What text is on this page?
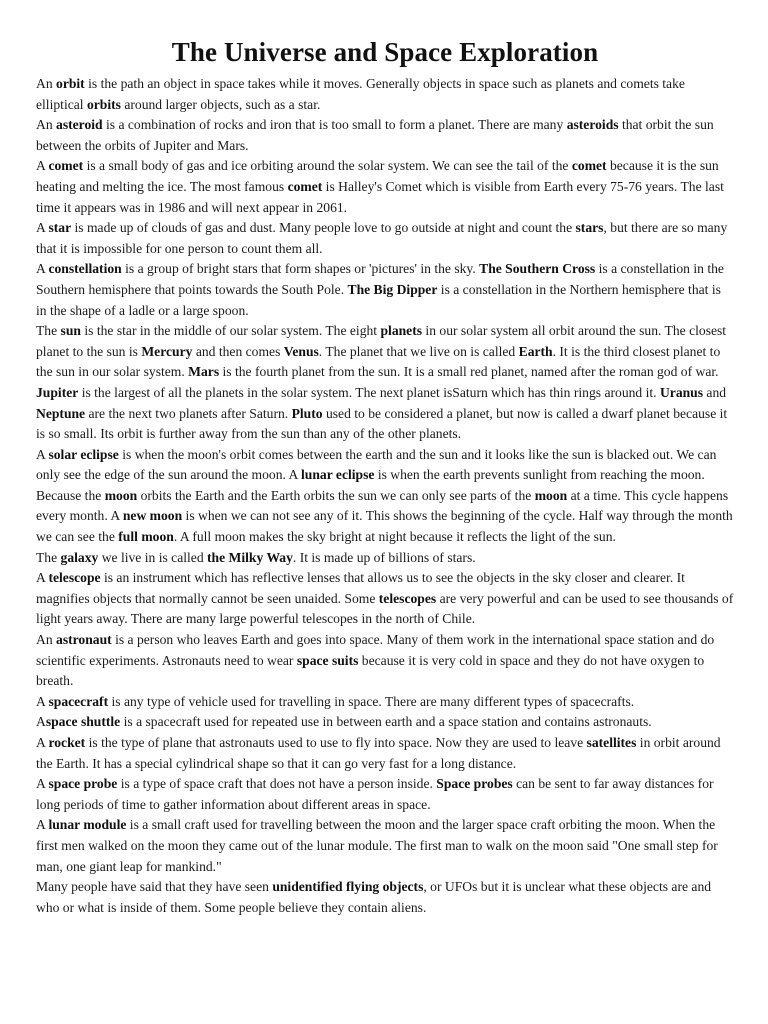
The Universe and Space Exploration

An orbit is the path an object in space takes while it moves. Generally objects in space such as planets and comets take elliptical orbits around larger objects, such as a star.

An asteroid is a combination of rocks and iron that is too small to form a planet. There are many asteroids that orbit the sun between the orbits of Jupiter and Mars.

A comet is a small body of gas and ice orbiting around the solar system. We can see the tail of the comet because it is the sun heating and melting the ice. The most famous comet is Halley's Comet which is visible from Earth every 75-76 years. The last time it appears was in 1986 and will next appear in 2061.

A star is made up of clouds of gas and dust. Many people love to go outside at night and count the stars, but there are so many that it is impossible for one person to count them all.

A constellation is a group of bright stars that form shapes or 'pictures' in the sky. The Southern Cross is a constellation in the Southern hemisphere that points towards the South Pole. The Big Dipper is a constellation in the Northern hemisphere that is in the shape of a ladle or a large spoon.

The sun is the star in the middle of our solar system. The eight planets in our solar system all orbit around the sun. The closest planet to the sun is Mercury and then comes Venus. The planet that we live on is called Earth. It is the third closest planet to the sun in our solar system. Mars is the fourth planet from the sun. It is a small red planet, named after the roman god of war. Jupiter is the largest of all the planets in the solar system. The next planet isSaturn which has thin rings around it. Uranus and Neptune are the next two planets after Saturn. Pluto used to be considered a planet, but now is called a dwarf planet because it is so small. Its orbit is further away from the sun than any of the other planets.

A solar eclipse is when the moon's orbit comes between the earth and the sun and it looks like the sun is blacked out. We can only see the edge of the sun around the moon. A lunar eclipse is when the earth prevents sunlight from reaching the moon.

Because the moon orbits the Earth and the Earth orbits the sun we can only see parts of the moon at a time. This cycle happens every month. A new moon is when we can not see any of it. This shows the beginning of the cycle. Half way through the month we can see the full moon. A full moon makes the sky bright at night because it reflects the light of the sun.

The galaxy we live in is called the Milky Way. It is made up of billions of stars.

A telescope is an instrument which has reflective lenses that allows us to see the objects in the sky closer and clearer. It magnifies objects that normally cannot be seen unaided. Some telescopes are very powerful and can be used to see thousands of light years away. There are many large powerful telescopes in the north of Chile.

An astronaut is a person who leaves Earth and goes into space. Many of them work in the international space station and do scientific experiments. Astronauts need to wear space suits because it is very cold in space and they do not have oxygen to breath.

A spacecraft is any type of vehicle used for travelling in space. There are many different types of spacecrafts.

Aspace shuttle is a spacecraft used for repeated use in between earth and a space station and contains astronauts.

A rocket is the type of plane that astronauts used to use to fly into space. Now they are used to leave satellites in orbit around the Earth. It has a special cylindrical shape so that it can go very fast for a long distance.

A space probe is a type of space craft that does not have a person inside. Space probes can be sent to far away distances for long periods of time to gather information about different areas in space.

A lunar module is a small craft used for travelling between the moon and the larger space craft orbiting the moon. When the first men walked on the moon they came out of the lunar module. The first man to walk on the moon said "One small step for man, one giant leap for mankind."

Many people have said that they have seen unidentified flying objects, or UFOs but it is unclear what these objects are and who or what is inside of them. Some people believe they contain aliens.
